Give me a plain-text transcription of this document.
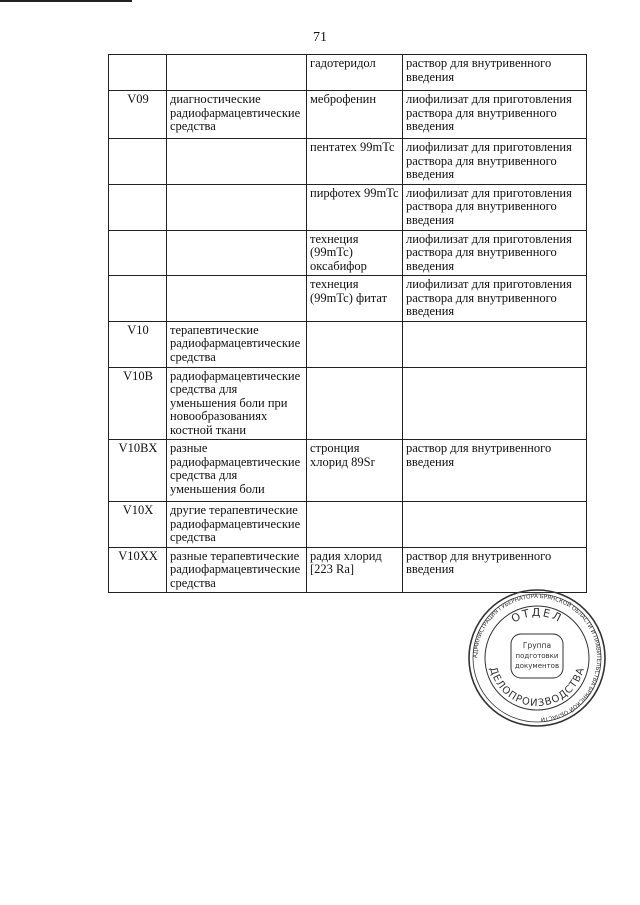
71
		гадотеридол	раствор для внутривенного введения
V09	диагностические радиофармацевтические средства	меброфенин	лиофилизат для приготовления раствора для внутривенного введения
		пентатех 99mTc	лиофилизат для приготовления раствора для внутривенного введения
		пирфотех 99mTc	лиофилизат для приготовления раствора для внутривенного введения
		технеция (99mTc) оксабифор	лиофилизат для приготовления раствора для внутривенного введения
		технеция (99mTc) фитат	лиофилизат для приготовления раствора для внутривенного введения
V10	терапевтические радиофармацевтические средства		
V10B	радиофармацевтические средства для уменьшения боли при новообразованиях костной ткани		
V10BX	разные радиофармацевтические средства для уменьшения боли	стронция хлорид 89Sr	раствор для внутривенного введения
V10X	другие терапевтические радиофармацевтические средства		
V10XX	разные терапевтические радиофармацевтические средства	радия хлорид [223 Ra]	раствор для внутривенного введения
АДМИНИСТРАЦИЯ ГУБЕРНАТОРА БРЯНСКОЙ ОБЛАСТИ И ПРАВИТЕЛЬСТВА БРЯНСКОЙ ОБЛАСТИ
ОТДЕЛ
ДЕЛОПРОИЗВОДСТВА
Группа
подготовки
документов
